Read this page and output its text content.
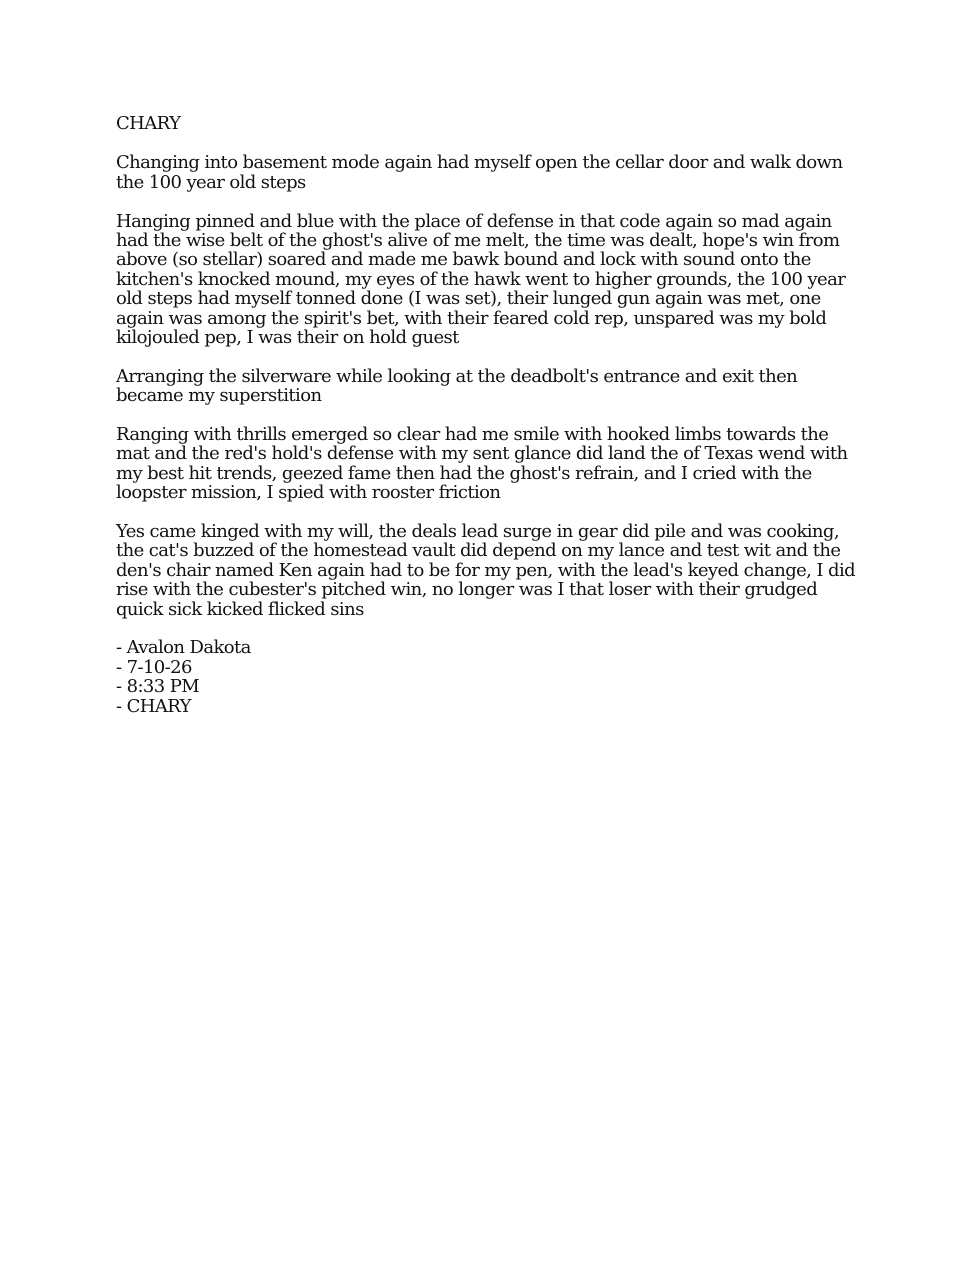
CHARY

Changing into basement mode again had myself open the cellar door and walk down the 100 year old steps

Hanging pinned and blue with the place of defense in that code again so mad again had the wise belt of the ghost's alive of me melt, the time was dealt, hope's win from above (so stellar) soared and made me bawk bound and lock with sound onto the kitchen's knocked mound, my eyes of the hawk went to higher grounds, the 100 year old steps had myself tonned done (I was set), their lunged gun again was met, one again was among the spirit's bet, with their feared cold rep, unspared was my bold kilojouled pep, I was their on hold guest

Arranging the silverware while looking at the deadbolt's entrance and exit then became my superstition

Ranging with thrills emerged so clear had me smile with hooked limbs towards the mat and the red's hold's defense with my sent glance did land the of Texas wend with my best hit trends, geezed fame then had the ghost's refrain, and I cried with the loopster mission, I spied with rooster friction

Yes came kinged with my will, the deals lead surge in gear did pile and was cooking, the cat's buzzed of the homestead vault did depend on my lance and test wit and the den's chair named Ken again had to be for my pen, with the lead's keyed change, I did rise with the cubester's pitched win, no longer was I that loser with their grudged quick sick kicked flicked sins

- Avalon Dakota
- 7-10-26
- 8:33 PM
- CHARY
